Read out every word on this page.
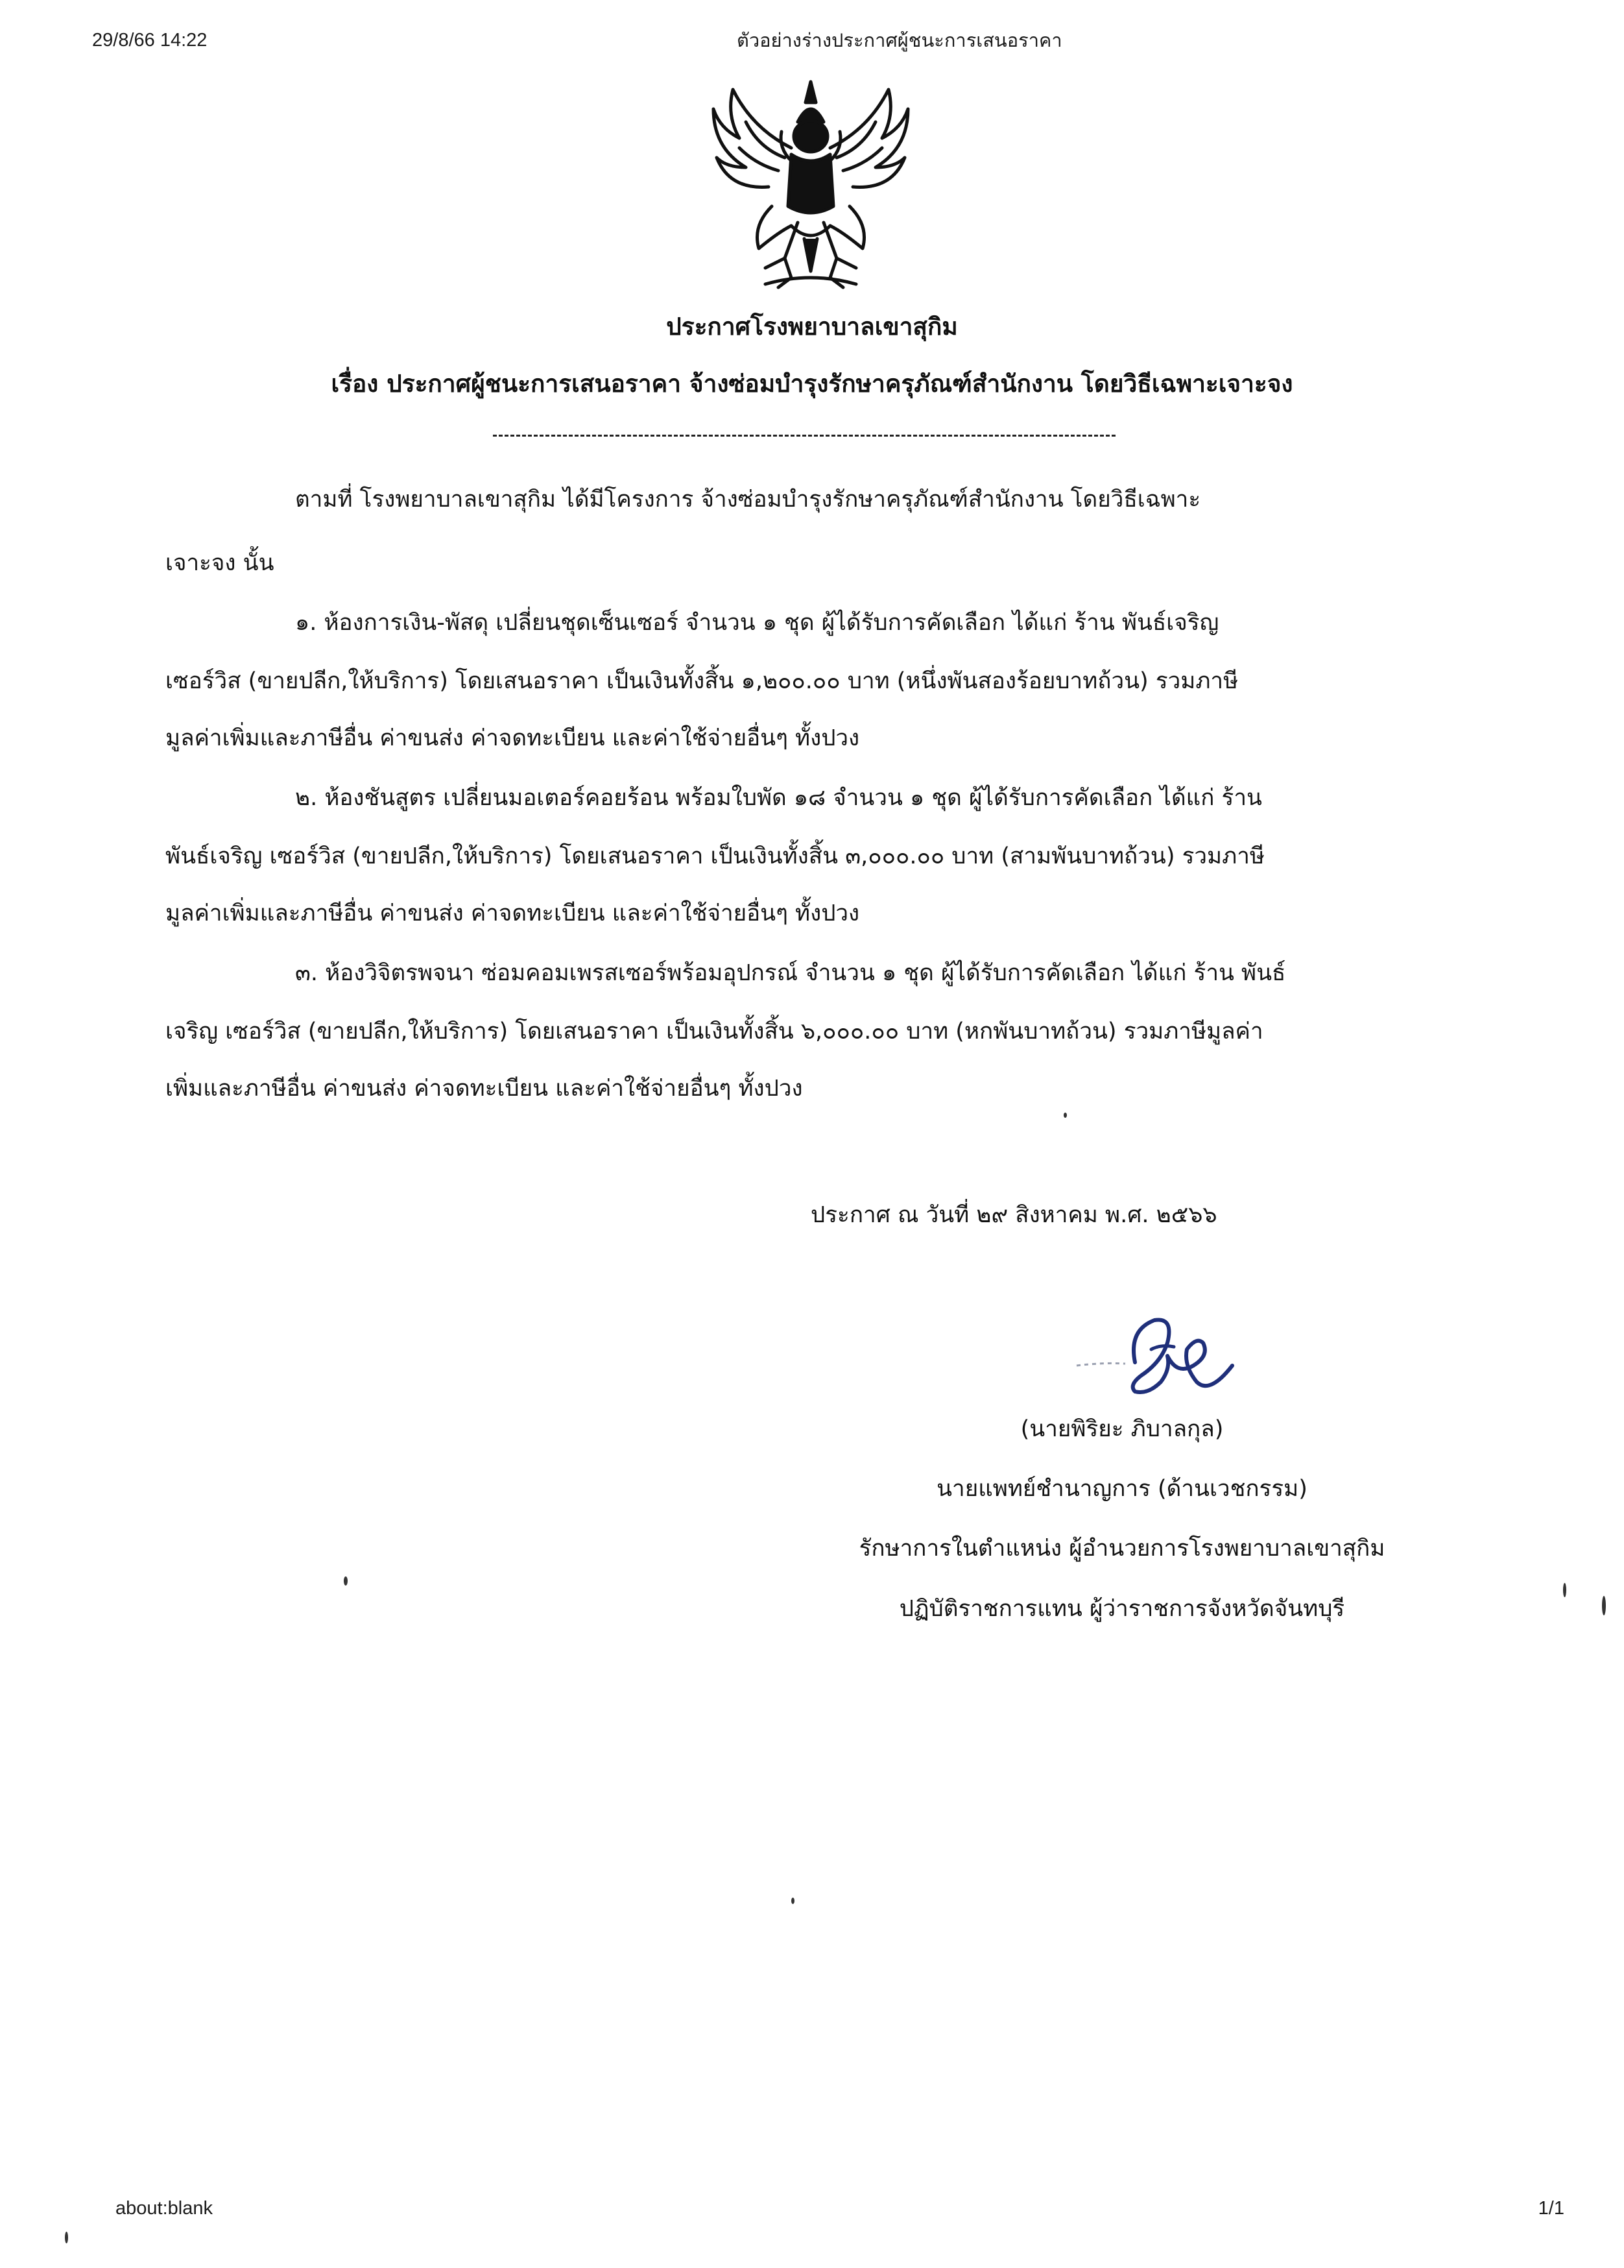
29/8/66 14:22	ตัวอย่างร่างประกาศผู้ชนะการเสนอราคา
ประกาศโรงพยาบาลเขาสุกิม
เรื่อง ประกาศผู้ชนะการเสนอราคา จ้างซ่อมบำรุงรักษาครุภัณฑ์สำนักงาน โดยวิธีเฉพาะเจาะจง
ตามที่ โรงพยาบาลเขาสุกิม ได้มีโครงการ จ้างซ่อมบำรุงรักษาครุภัณฑ์สำนักงาน โดยวิธีเฉพาะ
เจาะจง นั้น
๑. ห้องการเงิน-พัสดุ เปลี่ยนชุดเซ็นเซอร์ จำนวน ๑ ชุด ผู้ได้รับการคัดเลือก ได้แก่ ร้าน พันธ์เจริญ
เซอร์วิส (ขายปลีก,ให้บริการ) โดยเสนอราคา เป็นเงินทั้งสิ้น ๑,๒๐๐.๐๐ บาท (หนึ่งพันสองร้อยบาทถ้วน) รวมภาษี
มูลค่าเพิ่มและภาษีอื่น ค่าขนส่ง ค่าจดทะเบียน และค่าใช้จ่ายอื่นๆ ทั้งปวง
๒. ห้องชันสูตร เปลี่ยนมอเตอร์คอยร้อน พร้อมใบพัด ๑๘ จำนวน ๑ ชุด ผู้ได้รับการคัดเลือก ได้แก่ ร้าน
พันธ์เจริญ เซอร์วิส (ขายปลีก,ให้บริการ) โดยเสนอราคา เป็นเงินทั้งสิ้น ๓,๐๐๐.๐๐ บาท (สามพันบาทถ้วน) รวมภาษี
มูลค่าเพิ่มและภาษีอื่น ค่าขนส่ง ค่าจดทะเบียน และค่าใช้จ่ายอื่นๆ ทั้งปวง
๓. ห้องวิจิตรพจนา ซ่อมคอมเพรสเซอร์พร้อมอุปกรณ์ จำนวน ๑ ชุด ผู้ได้รับการคัดเลือก ได้แก่ ร้าน พันธ์
เจริญ เซอร์วิส (ขายปลีก,ให้บริการ) โดยเสนอราคา เป็นเงินทั้งสิ้น ๖,๐๐๐.๐๐ บาท (หกพันบาทถ้วน) รวมภาษีมูลค่า
เพิ่มและภาษีอื่น ค่าขนส่ง ค่าจดทะเบียน และค่าใช้จ่ายอื่นๆ ทั้งปวง
ประกาศ ณ วันที่ ๒๙ สิงหาคม พ.ศ. ๒๕๖๖
(นายพิริยะ ภิบาลกุล)
นายแพทย์ชำนาญการ (ด้านเวชกรรม)
รักษาการในตำแหน่ง ผู้อำนวยการโรงพยาบาลเขาสุกิม
ปฏิบัติราชการแทน ผู้ว่าราชการจังหวัดจันทบุรี
about:blank	1/1
